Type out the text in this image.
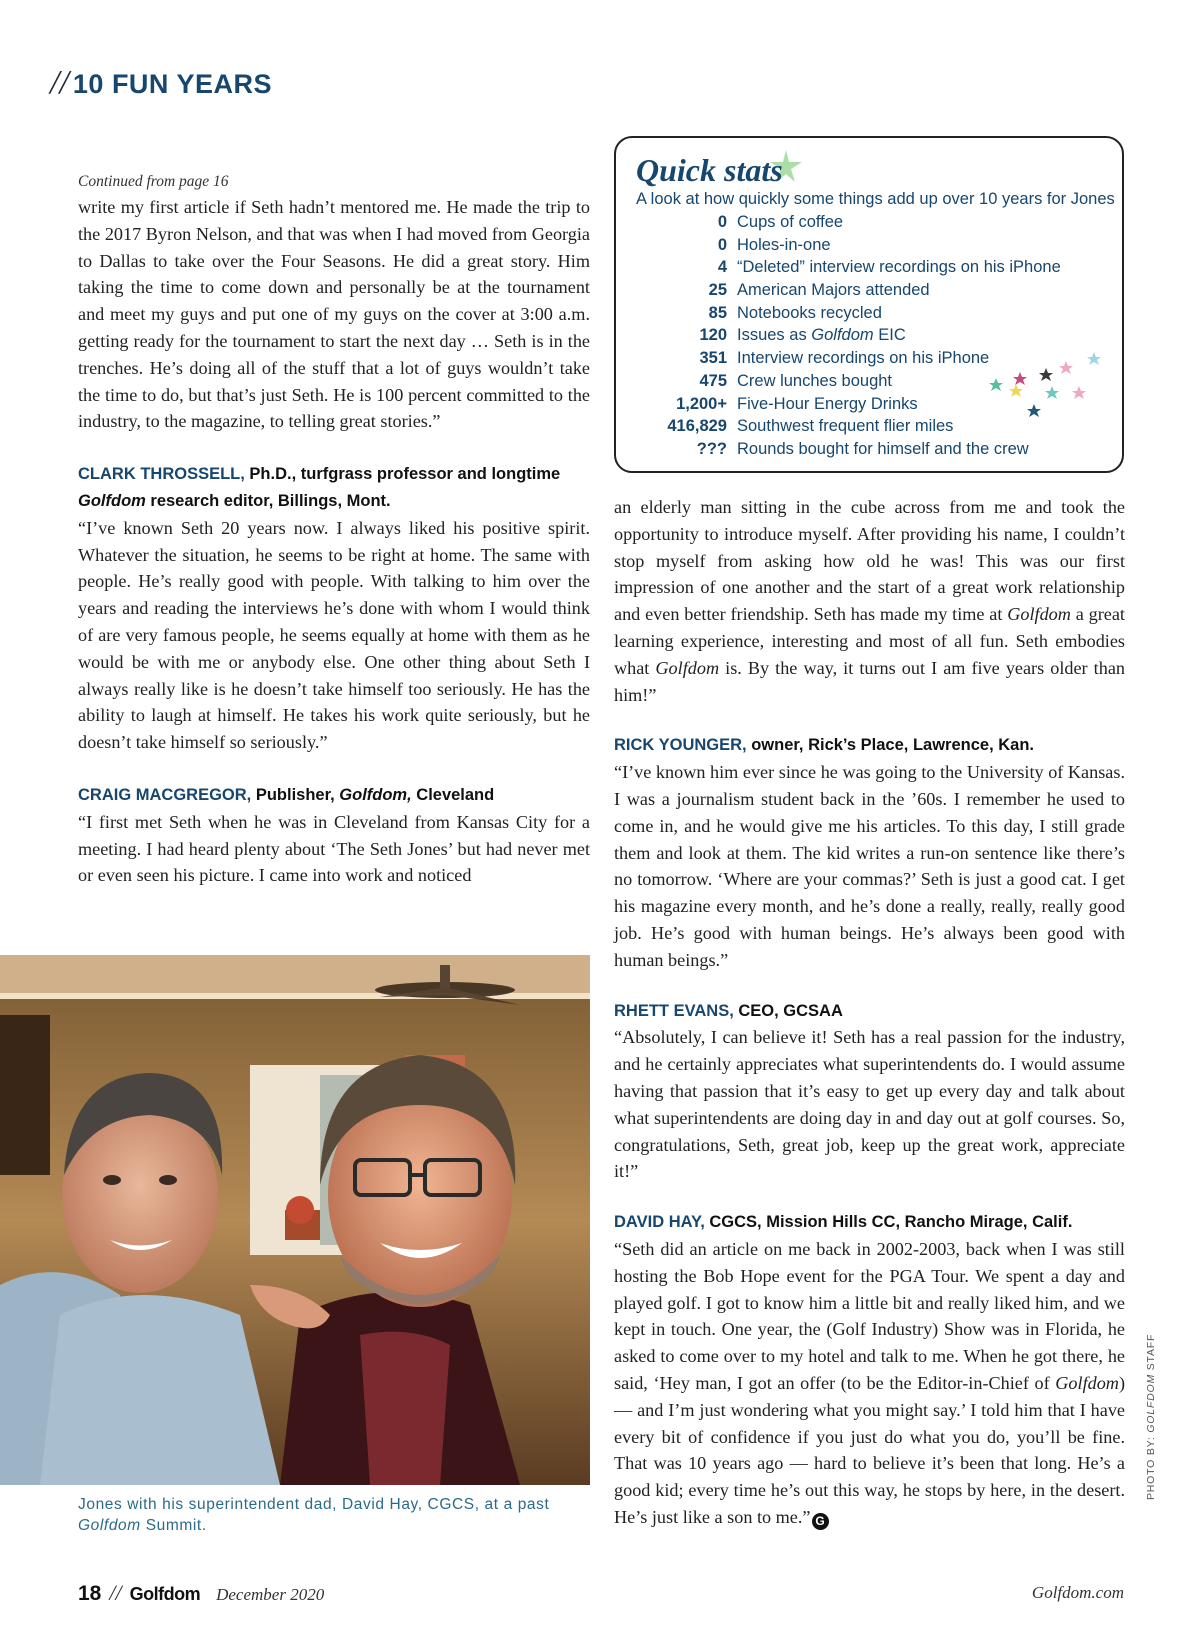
// 10 FUN YEARS
Quick stats
A look at how quickly some things add up over 10 years for Jones
0 Cups of coffee
0 Holes-in-one
4 “Deleted” interview recordings on his iPhone
25 American Majors attended
85 Notebooks recycled
120 Issues as Golfdom EIC
351 Interview recordings on his iPhone
475 Crew lunches bought
1,200+ Five-Hour Energy Drinks
416,829 Southwest frequent flier miles
??? Rounds bought for himself and the crew
Continued from page 16

write my first article if Seth hadn’t mentored me. He made the trip to the 2017 Byron Nelson, and that was when I had moved from Georgia to Dallas to take over the Four Seasons. He did a great story. Him taking the time to come down and personally be at the tournament and meet my guys and put one of my guys on the cover at 3:00 a.m. getting ready for the tournament to start the next day … Seth is in the trenches. He’s doing all of the stuff that a lot of guys wouldn’t take the time to do, but that’s just Seth. He is 100 percent committed to the industry, to the magazine, to telling great stories.”

CLARK THROSSELL, Ph.D., turfgrass professor and longtime Golfdom research editor, Billings, Mont.

“I’ve known Seth 20 years now. I always liked his positive spirit. Whatever the situation, he seems to be right at home. The same with people. He’s really good with people. With talking to him over the years and reading the interviews he’s done with whom I would think of are very famous people, he seems equally at home with them as he would be with me or anybody else. One other thing about Seth I always really like is he doesn’t take himself too seriously. He has the ability to laugh at himself. He takes his work quite seriously, but he doesn’t take himself so seriously.”

CRAIG MACGREGOR, Publisher, Golfdom, Cleveland

“I first met Seth when he was in Cleveland from Kansas City for a meeting. I had heard plenty about ‘The Seth Jones’ but had never met or even seen his picture. I came into work and noticed

Jones with his superintendent dad, David Hay, CGCS, at a past Golfdom Summit.

an elderly man sitting in the cube across from me and took the opportunity to introduce myself. After providing his name, I couldn’t stop myself from asking how old he was! This was our first impression of one another and the start of a great work relationship and even better friendship. Seth has made my time at Golfdom a great learning experience, interesting and most of all fun. Seth embodies what Golfdom is. By the way, it turns out I am five years older than him!”

RICK YOUNGER, owner, Rick’s Place, Lawrence, Kan.

“I’ve known him ever since he was going to the University of Kansas. I was a journalism student back in the ’60s. I remember he used to come in, and he would give me his articles. To this day, I still grade them and look at them. The kid writes a run-on sentence like there’s no tomorrow. ‘Where are your commas?’ Seth is just a good cat. I get his magazine every month, and he’s done a really, really, really good job. He’s good with human beings. He’s always been good with human beings.”

RHETT EVANS, CEO, GCSAA

“Absolutely, I can believe it! Seth has a real passion for the industry, and he certainly appreciates what superintendents do. I would assume having that passion that it’s easy to get up every day and talk about what superintendents are doing day in and day out at golf courses. So, congratulations, Seth, great job, keep up the great work, appreciate it!”

DAVID HAY, CGCS, Mission Hills CC, Rancho Mirage, Calif.

“Seth did an article on me back in 2002-2003, back when I was still hosting the Bob Hope event for the PGA Tour. We spent a day and played golf. I got to know him a little bit and really liked him, and we kept in touch. One year, the (Golf Industry) Show was in Florida, he asked to come over to my hotel and talk to me. When he got there, he said, ‘Hey man, I got an offer (to be the Editor-in-Chief of Golfdom) — and I’m just wondering what you might say.’ I told him that I have every bit of confidence if you just do what you do, you’ll be fine. That was 10 years ago — hard to believe it’s been that long. He’s a good kid; every time he’s out this way, he stops by here, in the desert. He’s just like a son to me.” G

PHOTO BY: GOLFDOM STAFF
18 // Golfdom December 2020	Golfdom.com
